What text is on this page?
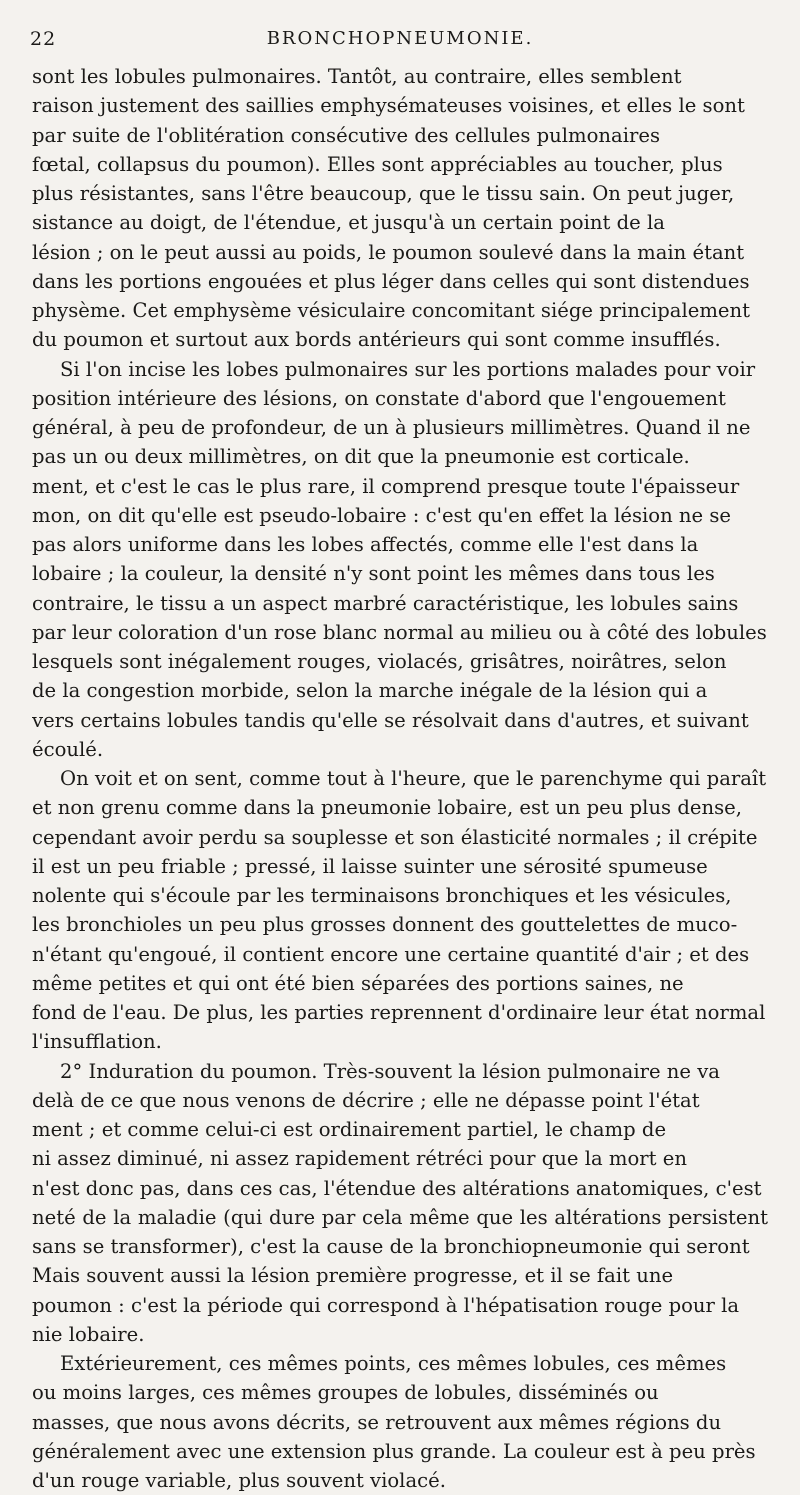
22	BRONCHOPNEUMONIE.
sont les lobules pulmonaires. Tantôt, au contraire, elles semblent
raison justement des saillies emphysémateuses voisines, et elles le sont
par suite de l'oblitération consécutive des cellules pulmonaires
fœtal, collapsus du poumon). Elles sont appréciables au toucher, plus
plus résistantes, sans l'être beaucoup, que le tissu sain. On peut juger,
sistance au doigt, de l'étendue, et jusqu'à un certain point de la
lésion ; on le peut aussi au poids, le poumon soulevé dans la main étant
dans les portions engouées et plus léger dans celles qui sont distendues
physème. Cet emphysème vésiculaire concomitant siége principalement
du poumon et surtout aux bords antérieurs qui sont comme insufflés.
Si l'on incise les lobes pulmonaires sur les portions malades pour voir
position intérieure des lésions, on constate d'abord que l'engouement
général, à peu de profondeur, de un à plusieurs millimètres. Quand il ne
pas un ou deux millimètres, on dit que la pneumonie est corticale.
ment, et c'est le cas le plus rare, il comprend presque toute l'épaisseur
mon, on dit qu'elle est pseudo-lobaire : c'est qu'en effet la lésion ne se
pas alors uniforme dans les lobes affectés, comme elle l'est dans la
lobaire ; la couleur, la densité n'y sont point les mêmes dans tous les
contraire, le tissu a un aspect marbré caractéristique, les lobules sains
par leur coloration d'un rose blanc normal au milieu ou à côté des lobules
lesquels sont inégalement rouges, violacés, grisâtres, noirâtres, selon
de la congestion morbide, selon la marche inégale de la lésion qui a
vers certains lobules tandis qu'elle se résolvait dans d'autres, et suivant
écoulé.
On voit et on sent, comme tout à l'heure, que le parenchyme qui paraît
et non grenu comme dans la pneumonie lobaire, est un peu plus dense,
cependant avoir perdu sa souplesse et son élasticité normales ; il crépite
il est un peu friable ; pressé, il laisse suinter une sérosité spumeuse
nolente qui s'écoule par les terminaisons bronchiques et les vésicules,
les bronchioles un peu plus grosses donnent des gouttelettes de muco-
n'étant qu'engoué, il contient encore une certaine quantité d'air ; et des
même petites et qui ont été bien séparées des portions saines, ne
fond de l'eau. De plus, les parties reprennent d'ordinaire leur état normal
l'insufflation.
2° Induration du poumon. Très-souvent la lésion pulmonaire ne va
delà de ce que nous venons de décrire ; elle ne dépasse point l'état
ment ; et comme celui-ci est ordinairement partiel, le champ de
ni assez diminué, ni assez rapidement rétréci pour que la mort en
n'est donc pas, dans ces cas, l'étendue des altérations anatomiques, c'est
neté de la maladie (qui dure par cela même que les altérations persistent
sans se transformer), c'est la cause de la bronchiopneumonie qui seront
Mais souvent aussi la lésion première progresse, et il se fait une
poumon : c'est la période qui correspond à l'hépatisation rouge pour la
nie lobaire.
Extérieurement, ces mêmes points, ces mêmes lobules, ces mêmes
ou moins larges, ces mêmes groupes de lobules, disséminés ou
masses, que nous avons décrits, se retrouvent aux mêmes régions du
généralement avec une extension plus grande. La couleur est à peu près
d'un rouge variable, plus souvent violacé.
